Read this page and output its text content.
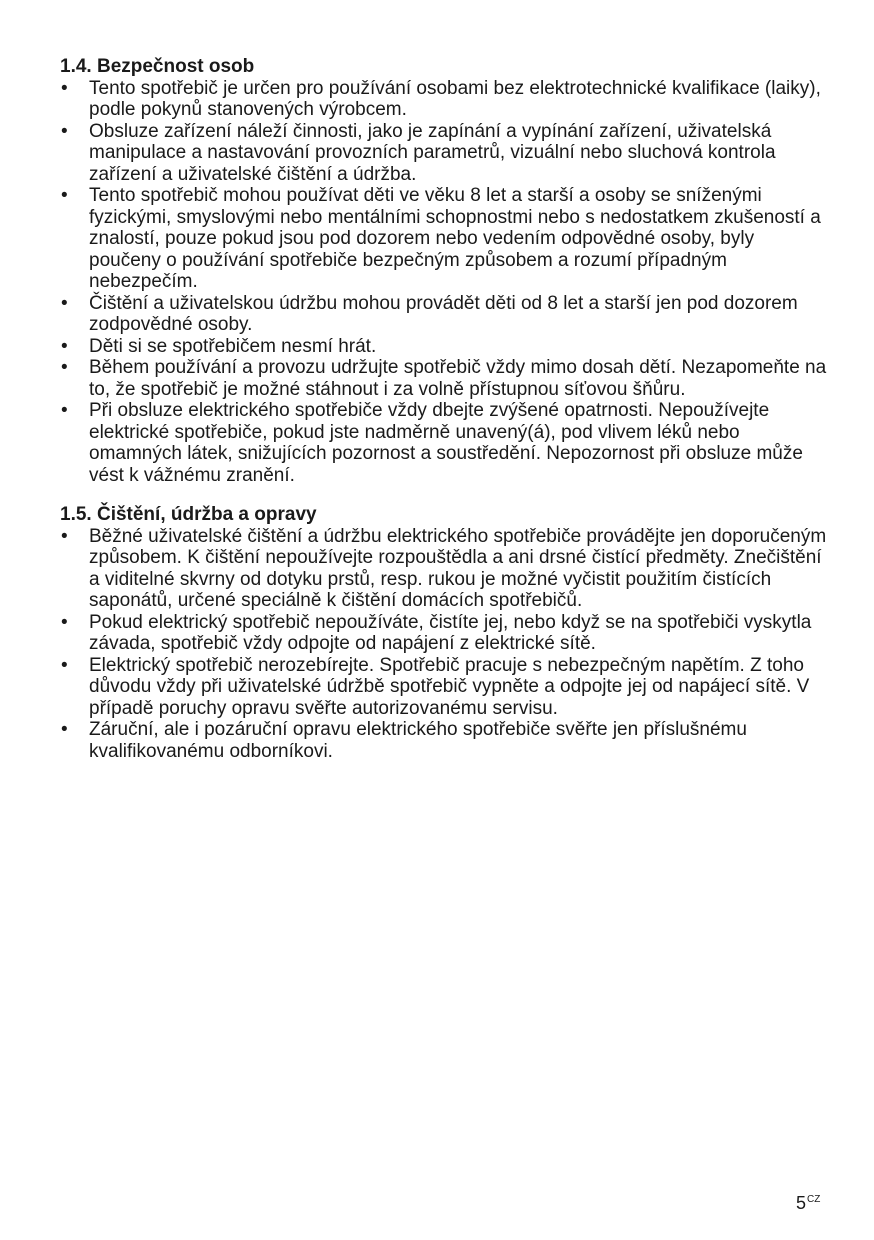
1.4. Bezpečnost osob
• Tento spotřebič je určen pro používání osobami bez elektrotechnické kvalifikace (laiky), podle pokynů stanovených výrobcem.
• Obsluze zařízení náleží činnosti, jako je zapínání a vypínání zařízení, uživatelská manipulace a nastavování provozních parametrů, vizuální nebo sluchová kontrola zařízení a uživatelské čištění a údržba.
• Tento spotřebič mohou používat děti ve věku 8 let a starší a osoby se sníženými fyzickými, smyslovými nebo mentálními schopnostmi nebo s nedostatkem zkušeností a znalostí, pouze pokud jsou pod dozorem nebo vedením odpovědné osoby, byly poučeny o používání spotřebiče bezpečným způsobem a rozumí případným nebezpečím.
• Čištění a uživatelskou údržbu mohou provádět děti od 8 let a starší jen pod dozorem zodpovědné osoby.
• Děti si se spotřebičem nesmí hrát.
• Během používání a provozu udržujte spotřebič vždy mimo dosah dětí. Nezapomeňte na to, že spotřebič je možné stáhnout i za volně přístupnou síťovou šňůru.
• Při obsluze elektrického spotřebiče vždy dbejte zvýšené opatrnosti. Nepoužívejte elektrické spotřebiče, pokud jste nadměrně unavený(á), pod vlivem léků nebo omamných látek, snižujících pozornost a soustředění. Nepozornost při obsluze může vést k vážnému zranění.
1.5. Čištění, údržba a opravy
• Běžné uživatelské čištění a údržbu elektrického spotřebiče provádějte jen doporučeným způsobem. K čištění nepoužívejte rozpouštědla a ani drsné čistící předměty. Znečištění a viditelné skvrny od dotyku prstů, resp. rukou je možné vyčistit použitím čistících saponátů, určené speciálně k čištění domácích spotřebičů.
• Pokud elektrický spotřebič nepoužíváte, čistíte jej, nebo když se na spotřebiči vyskytla závada, spotřebič vždy odpojte od napájení z elektrické sítě.
• Elektrický spotřebič nerozebírejte. Spotřebič pracuje s nebezpečným napětím. Z toho důvodu vždy při uživatelské údržbě spotřebič vypněte a odpojte jej od napájecí sítě. V případě poruchy opravu svěřte autorizovanému servisu.
• Záruční, ale i pozáruční opravu elektrického spotřebiče svěřte jen příslušnému kvalifikovanému odborníkovi.
$5^{CZ}$
